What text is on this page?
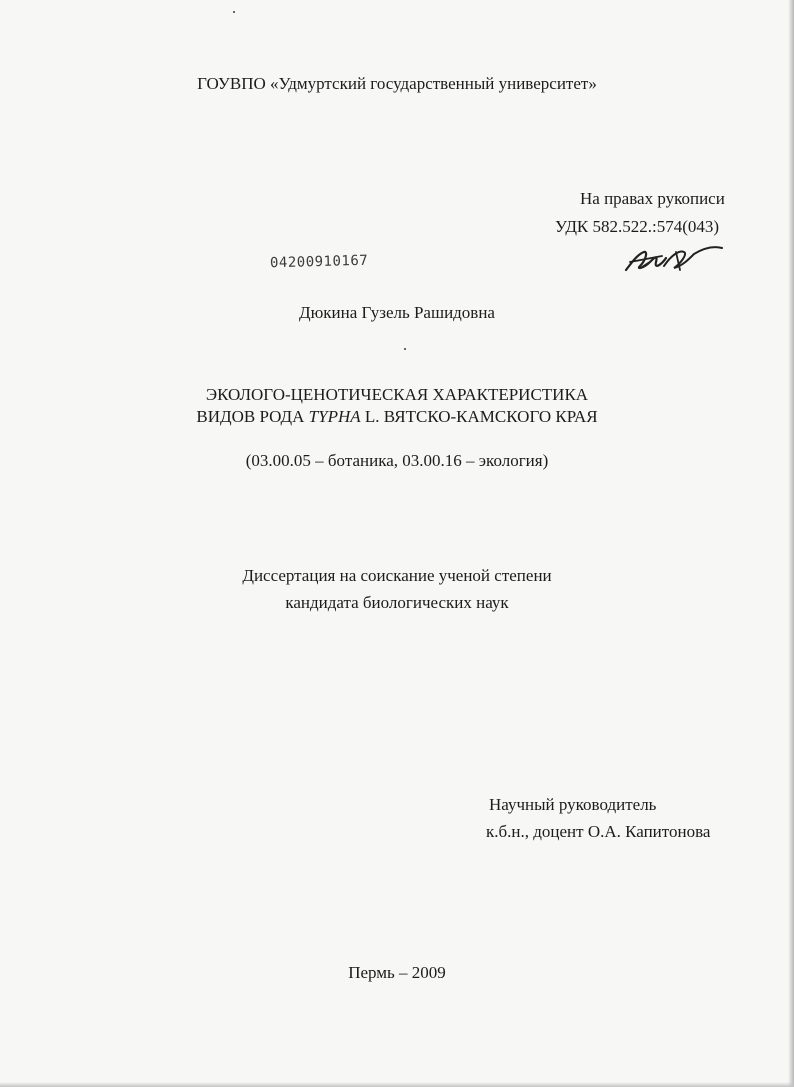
ГОУВПО «Удмуртский государственный университет»
На правах рукописи
УДК 582.522.:574(043)
04200910167
Дюкина Гузель Рашидовна
ЭКОЛОГО-ЦЕНОТИЧЕСКАЯ ХАРАКТЕРИСТИКА
ВИДОВ РОДА TYPHA L. ВЯТСКО-КАМСКОГО КРАЯ
(03.00.05 – ботаника, 03.00.16 – экология)
Диссертация на соискание ученой степени
кандидата биологических наук
Научный руководитель
к.б.н., доцент О.А. Капитонова
Пермь – 2009
